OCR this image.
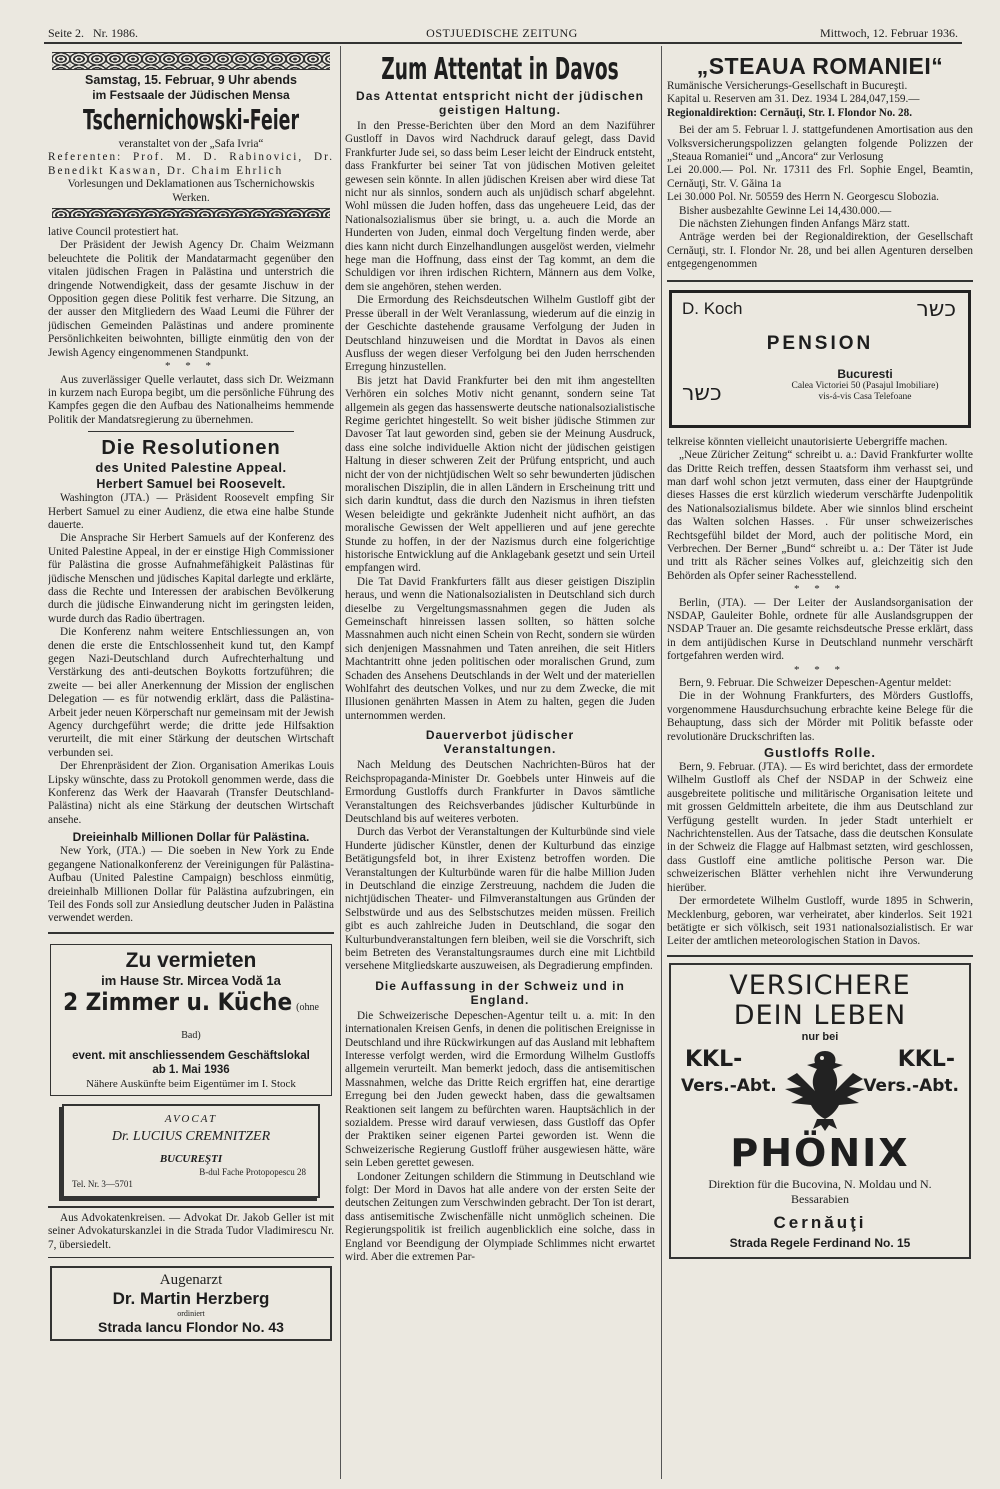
Seite 2. Nr. 1986.	OSTJUEDISCHE ZEITUNG	Mittwoch, 12. Februar 1936.

Samstag, 15. Februar, 9 Uhr abends

im Festsaale der Jüdischen Mensa

Tschernichowski-Feier

veranstaltet von der „Safa Ivria“

Referenten: Prof. M. D. Rabinovici, Dr. Benedikt Kaswan, Dr. Chaim Ehrlich

Vorlesungen und Deklamationen aus Tschernichowskis Werken.

lative Council protestiert hat.

Der Präsident der Jewish Agency Dr. Chaim Weizmann beleuchtete die Politik der Mandatarmacht gegenüber den vitalen jüdischen Fragen in Palästina und unterstrich die dringende Notwendigkeit, dass der gesamte Jischuw in der Opposition gegen diese Politik fest verharre. Die Sitzung, an der ausser den Mitgliedern des Waad Leumi die Führer der jüdischen Gemeinden Palästinas und andere prominente Persönlichkeiten beiwohnten, billigte einmütig den von der Jewish Agency eingenommenen Standpunkt.

* * *

Aus zuverlässiger Quelle verlautet, dass sich Dr. Weizmann in kurzem nach Europa begibt, um die persönliche Führung des Kampfes gegen die den Aufbau des Nationalheims hemmende Politik der Mandatsregierung zu übernehmen.

Die Resolutionen
des United Palestine Appeal.
Herbert Samuel bei Roosevelt.

Washington (JTA.) — Präsident Roosevelt empfing Sir Herbert Samuel zu einer Audienz, die etwa eine halbe Stunde dauerte.

Die Ansprache Sir Herbert Samuels auf der Konferenz des United Palestine Appeal, in der er einstige High Commissioner für Palästina die grosse Aufnahmefähigkeit Palästinas für jüdische Menschen und jüdisches Kapital darlegte und erklärte, dass die Rechte und Interessen der arabischen Bevölkerung durch die jüdische Einwanderung nicht im geringsten leiden, wurde durch das Radio übertragen.

Die Konferenz nahm weitere Entschliessungen an, von denen die erste die Entschlossenheit kund tut, den Kampf gegen Nazi-Deutschland durch Aufrechterhaltung und Verstärkung des anti-deutschen Boykotts fortzuführen; die zweite — bei aller Anerkennung der Mission der englischen Delegation — es für notwendig erklärt, dass die Palästina-Arbeit jeder neuen Körperschaft nur gemeinsam mit der Jewish Agency durchgeführt werde; die dritte jede Hilfsaktion verurteilt, die mit einer Stärkung der deutschen Wirtschaft verbunden sei.

Der Ehrenpräsident der Zion. Organisation Amerikas Louis Lipsky wünschte, dass zu Protokoll genommen werde, dass die Konferenz das Werk der Haavarah (Transfer Deutschland-Palästina) nicht als eine Stärkung der deutschen Wirtschaft ansehe.

Dreieinhalb Millionen Dollar für Palästina.

New York, (JTA.) — Die soeben in New York zu Ende gegangene Nationalkonferenz der Vereinigungen für Palästina-Aufbau (United Palestine Campaign) beschloss einmütig, dreieinhalb Millionen Dollar für Palästina aufzubringen, ein Teil des Fonds soll zur Ansiedlung deutscher Juden in Palästina verwendet werden.

Zu vermieten
im Hause Str. Mircea Vodă 1a
2 Zimmer u. Küche (ohne Bad)
event. mit anschliessendem Geschäftslokal
ab 1. Mai 1936
Nähere Auskünfte beim Eigentümer im I. Stock
AVOCAT
Dr. LUCIUS CREMNITZER
BUCUREŞTI
B-dul Fache Protopopescu 28
Tel. Nr. 3—5701

Aus Advokatenkreisen. — Advokat Dr. Jakob Geller ist mit seiner Advokaturskanzlei in die Strada Tudor Vladimirescu Nr. 7, übersiedelt.

Augenarzt
Dr. Martin Herzberg
ordiniert
Strada Iancu Flondor No. 43
Zum Attentat in Davos
Das Attentat entspricht nicht der jüdischen geistigen Haltung.

In den Presse-Berichten über den Mord an dem Naziführer Gustloff in Davos wird Nachdruck darauf gelegt, dass David Frankfurter Jude sei, so dass beim Leser leicht der Eindruck entsteht, dass Frankfurter bei seiner Tat von jüdischen Motiven geleitet gewesen sein könnte. In allen jüdischen Kreisen aber wird diese Tat nicht nur als sinnlos, sondern auch als unjüdisch scharf abgelehnt. Wohl müssen die Juden hoffen, dass das ungeheuere Leid, das der Nationalsozialismus über sie bringt, u. a. auch die Morde an Hunderten von Juden, einmal doch Vergeltung finden werde, aber dies kann nicht durch Einzelhandlungen ausgelöst werden, vielmehr hege man die Hoffnung, dass einst der Tag kommt, an dem die Schuldigen vor ihren irdischen Richtern, Männern aus dem Volke, dem sie angehören, stehen werden.

Die Ermordung des Reichsdeutschen Wilhelm Gustloff gibt der Presse überall in der Welt Veranlassung, wiederum auf die einzig in der Geschichte dastehende grausame Verfolgung der Juden in Deutschland hinzuweisen und die Mordtat in Davos als einen Ausfluss der wegen dieser Verfolgung bei den Juden herrschenden Erregung hinzustellen.

Bis jetzt hat David Frankfurter bei den mit ihm angestellten Verhören ein solches Motiv nicht genannt, sondern seine Tat allgemein als gegen das hassenswerte deutsche nationalsozialistische Regime gerichtet hingestellt. So weit bisher jüdische Stimmen zur Davoser Tat laut geworden sind, geben sie der Meinung Ausdruck, dass eine solche individuelle Aktion nicht der jüdischen geistigen Haltung in dieser schweren Zeit der Prüfung entspricht, und auch nicht der von der nichtjüdischen Welt so sehr bewunderten jüdischen moralischen Disziplin, die in allen Ländern in Erscheinung tritt und sich darin kundtut, dass die durch den Nazismus in ihren tiefsten Wesen beleidigte und gekränkte Judenheit nicht aufhört, an das moralische Gewissen der Welt appellieren und auf jene gerechte Stunde zu hoffen, in der der Nazismus durch eine folgerichtige historische Entwicklung auf die Anklagebank gesetzt und sein Urteil empfangen wird.

Die Tat David Frankfurters fällt aus dieser geistigen Disziplin heraus, und wenn die Nationalsozialisten in Deutschland sich durch dieselbe zu Vergeltungsmassnahmen gegen die Juden als Gemeinschaft hinreissen lassen sollten, so hätten solche Massnahmen auch nicht einen Schein von Recht, sondern sie würden sich denjenigen Massnahmen und Taten anreihen, die seit Hitlers Machtantritt ohne jeden politischen oder moralischen Grund, zum Schaden des Ansehens Deutschlands in der Welt und der materiellen Wohlfahrt des deutschen Volkes, und nur zu dem Zwecke, die mit Illusionen genährten Massen in Atem zu halten, gegen die Juden unternommen werden.

Dauerverbot jüdischer Veranstaltungen.

Nach Meldung des Deutschen Nachrichten-Büros hat der Reichspropaganda-Minister Dr. Goebbels unter Hinweis auf die Ermordung Gustloffs durch Frankfurter in Davos sämtliche Veranstaltungen des Reichsverbandes jüdischer Kulturbünde in Deutschland bis auf weiteres verboten.

Durch das Verbot der Veranstaltungen der Kulturbünde sind viele Hunderte jüdischer Künstler, denen der Kulturbund das einzige Betätigungsfeld bot, in ihrer Existenz betroffen worden. Die Veranstaltungen der Kulturbünde waren für die halbe Million Juden in Deutschland die einzige Zerstreuung, nachdem die Juden die nichtjüdischen Theater- und Filmveranstaltungen aus Gründen der Selbstwürde und aus des Selbstschutzes meiden müssen. Freilich gibt es auch zahlreiche Juden in Deutschland, die sogar den Kulturbundveranstaltungen fern bleiben, weil sie die Vorschrift, sich beim Betreten des Veranstaltungsraumes durch eine mit Lichtbild versehene Mitgliedskarte auszuweisen, als Degradierung empfinden.

Die Auffassung in der Schweiz und in England.

Die Schweizerische Depeschen-Agentur teilt u. a. mit: In den internationalen Kreisen Genfs, in denen die politischen Ereignisse in Deutschland und ihre Rückwirkungen auf das Ausland mit lebhaftem Interesse verfolgt werden, wird die Ermordung Wilhelm Gustloffs allgemein verurteilt. Man bemerkt jedoch, dass die antisemitischen Massnahmen, welche das Dritte Reich ergriffen hat, eine derartige Erregung bei den Juden geweckt haben, dass die gewaltsamen Reaktionen seit langem zu befürchten waren. Hauptsächlich in der sozialdem. Presse wird darauf verwiesen, dass Gustloff das Opfer der Praktiken seiner eigenen Partei geworden ist. Wenn die Schweizerische Regierung Gustloff früher ausgewiesen hätte, wäre sein Leben gerettet gewesen.

Londoner Zeitungen schildern die Stimmung in Deutschland wie folgt: Der Mord in Davos hat alle andere von der ersten Seite der deutschen Zeitungen zum Verschwinden gebracht. Der Ton ist derart, dass antisemitische Zwischenfälle nicht unmöglich scheinen. Die Regierungspolitik ist freilich augenblicklich eine solche, dass in England vor Beendigung der Olympiade Schlimmes nicht erwartet wird. Aber die extremen Par-

„STEAUA ROMANIEI“

Rumänische Versicherungs-Gesellschaft in Bucureşti.

Kapital u. Reserven am 31. Dez. 1934 L 284,047,159.—

Regionaldirektion: Cernăuţi, Str. I. Flondor No. 28.

Bei der am 5. Februar l. J. stattgefundenen Amortisation aus den Volksversicherungspolizzen gelangten folgende Polizzen der „Steaua Romaniei“ und „Ancora“ zur Verlosung

Lei 20.000.— Pol. Nr. 17311 des Frl. Sophie Engel, Beamtin, Cernăuţi, Str. V. Găina 1a

Lei 30.000 Pol. Nr. 50559 des Herrn N. Georgescu Slobozia.

Bisher ausbezahlte Gewinne Lei 14,430.000.—

Die nächsten Ziehungen finden Anfangs März statt.

Anträge werden bei der Regionaldirektion, der Gesellschaft Cernăuţi, str. I. Flondor Nr. 28, und bei allen Agenturen derselben entgegengenommen

D. Koch	כשר
PENSION
Bucuresti
Calea Victoriei 50 (Pasajul Imobiliare)
vis-á-vis Casa Telefoane
כשר

telkreise könnten vielleicht unautorisierte Uebergriffe machen.

„Neue Züricher Zeitung“ schreibt u. a.: David Frankfurter wollte das Dritte Reich treffen, dessen Staatsform ihm verhasst sei, und man darf wohl schon jetzt vermuten, dass einer der Hauptgründe dieses Hasses die erst kürzlich wiederum verschärfte Judenpolitik des Nationalsozialismus bildete. Aber wie sinnlos blind erscheint das Walten solchen Hasses. . Für unser schweizerisches Rechtsgefühl bildet der Mord, auch der politische Mord, ein Verbrechen. Der Berner „Bund“ schreibt u. a.: Der Täter ist Jude und tritt als Rächer seines Volkes auf, gleichzeitig sich den Behörden als Opfer seiner Rachesstellend.

* * *

Berlin, (JTA). — Der Leiter der Auslandsorganisation der NSDAP, Gauleiter Bohle, ordnete für alle Auslandsgruppen der NSDAP Trauer an. Die gesamte reichsdeutsche Presse erklärt, dass in dem antijüdischen Kurse in Deutschland nunmehr verschärft fortgefahren werden wird.

* * *

Bern, 9. Februar. Die Schweizer Depeschen-Agentur meldet:

Die in der Wohnung Frankfurters, des Mörders Gustloffs, vorgenommene Hausdurchsuchung erbrachte keine Belege für die Behauptung, dass sich der Mörder mit Politik befasste oder revolutionäre Druckschriften las.

Gustloffs Rolle.

Bern, 9. Februar. (JTA). — Es wird berichtet, dass der ermordete Wilhelm Gustloff als Chef der NSDAP in der Schweiz eine ausgebreitete politische und militärische Organisation leitete und mit grossen Geldmitteln arbeitete, die ihm aus Deutschland zur Verfügung gestellt wurden. In jeder Stadt unterhielt er Nachrichtenstellen. Aus der Tatsache, dass die deutschen Konsulate in der Schweiz die Flagge auf Halbmast setzten, wird geschlossen, dass Gustloff eine amtliche politische Person war. Die schweizerischen Blätter verhehlen nicht ihre Verwunderung hierüber.

Der ermordetete Wilhelm Gustloff, wurde 1895 in Schwerin, Mecklenburg, geboren, war verheiratet, aber kinderlos. Seit 1921 betätigte er sich völkisch, seit 1931 nationalsozialistisch. Er war Leiter der amtlichen meteorologischen Station in Davos.

VERSICHERE
DEIN LEBEN
nur bei
KKL-
Vers.-Abt.
KKL-
Vers.-Abt.
PHÖNIX
Direktion für die Bucovina, N. Moldau und N. Bessarabien
Cernăuţi
Strada Regele Ferdinand No. 15
